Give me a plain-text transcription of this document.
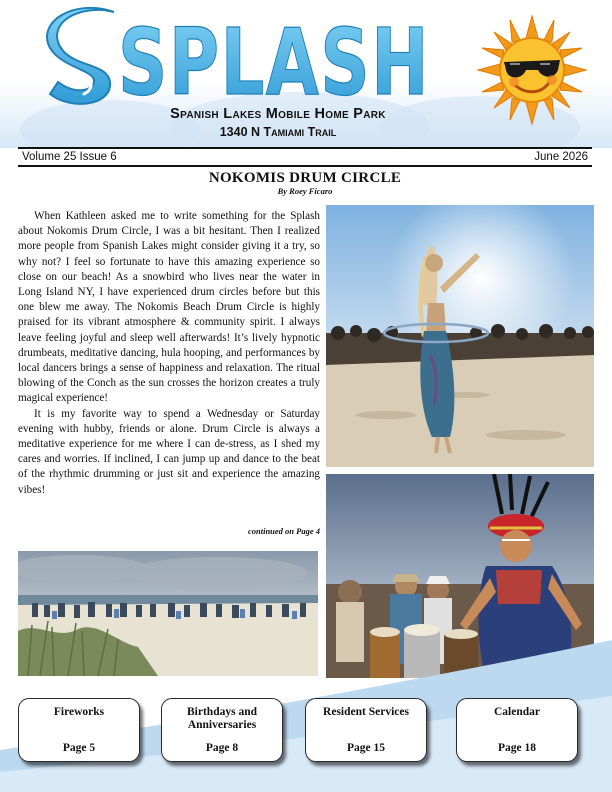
SPLASH
Spanish Lakes Mobile Home Park
1340 N Tamiami Trail
Volume 25 Issue 6	June 2026
NOKOMIS DRUM CIRCLE
By Roey Ficaro

When Kathleen asked me to write something for the Splash about Nokomis Drum Circle, I was a bit hesitant. Then I realized more people from Spanish Lakes might consider giving it a try, so why not? I feel so fortunate to have this amazing experience so close on our beach! As a snowbird who lives near the water in Long Island NY, I have experienced drum circles before but this one blew me away. The Nokomis Beach Drum Circle is highly praised for its vibrant atmosphere & community spirit. I always leave feeling joyful and sleep well afterwards! It’s lively hypnotic drumbeats, meditative dancing, hula hooping, and performances by local dancers brings a sense of happiness and relaxation. The ritual blowing of the Conch as the sun crosses the horizon creates a truly magical experience!

It is my favorite way to spend a Wednesday or Saturday evening with hubby, friends or alone. Drum Circle is always a meditative experience for me where I can de-stress, as I shed my cares and worries. If inclined, I can jump up and dance to the beat of the rhythmic drumming or just sit and experience the amazing vibes!

continued on Page 4
Fireworks
Page 5
Birthdays and Anniversaries
Page 8
Resident Services
Page 15
Calendar
Page 18
